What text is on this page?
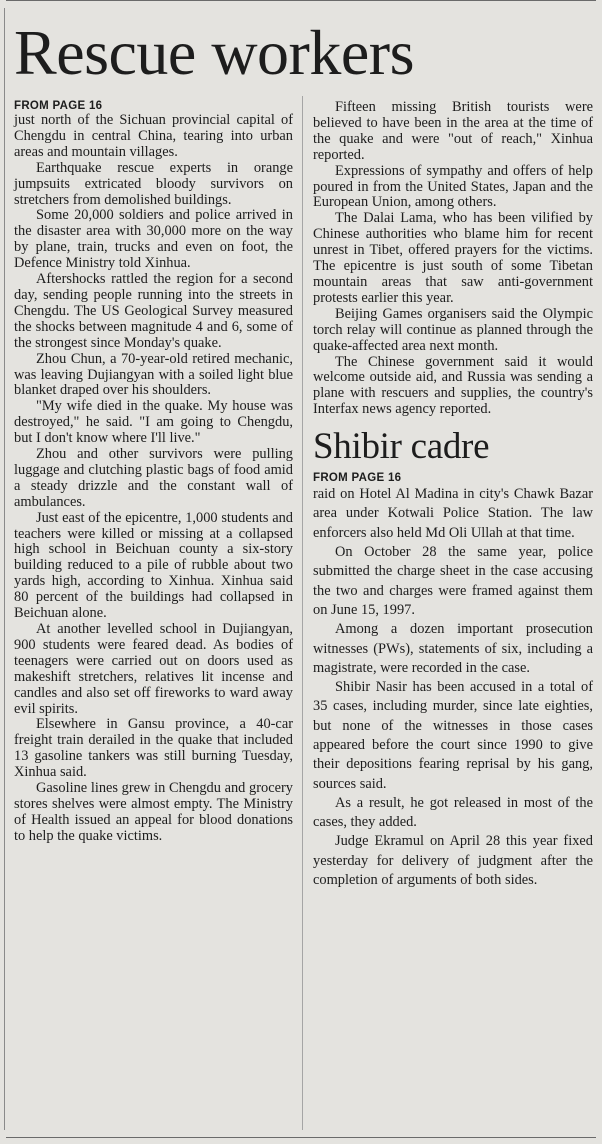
Rescue workers
FROM PAGE 16

just north of the Sichuan provincial capital of Chengdu in central China, tearing into urban areas and mountain villages.

Earthquake rescue experts in orange jumpsuits extricated bloody survivors on stretchers from demolished buildings.

Some 20,000 soldiers and police arrived in the disaster area with 30,000 more on the way by plane, train, trucks and even on foot, the Defence Ministry told Xinhua.

Aftershocks rattled the region for a second day, sending people running into the streets in Chengdu. The US Geological Survey measured the shocks between magnitude 4 and 6, some of the strongest since Monday's quake.

Zhou Chun, a 70-year-old retired mechanic, was leaving Dujiangyan with a soiled light blue blanket draped over his shoulders.

"My wife died in the quake. My house was destroyed," he said. "I am going to Chengdu, but I don't know where I'll live."

Zhou and other survivors were pulling luggage and clutching plastic bags of food amid a steady drizzle and the constant wall of ambulances.

Just east of the epicentre, 1,000 students and teachers were killed or missing at a collapsed high school in Beichuan county a six-story building reduced to a pile of rubble about two yards high, according to Xinhua. Xinhua said 80 percent of the buildings had collapsed in Beichuan alone.

At another levelled school in Dujiangyan, 900 students were feared dead. As bodies of teenagers were carried out on doors used as makeshift stretchers, relatives lit incense and candles and also set off fireworks to ward away evil spirits.

Elsewhere in Gansu province, a 40-car freight train derailed in the quake that included 13 gasoline tankers was still burning Tuesday, Xinhua said.

Gasoline lines grew in Chengdu and grocery stores shelves were almost empty. The Ministry of Health issued an appeal for blood donations to help the quake victims.

Fifteen missing British tourists were believed to have been in the area at the time of the quake and were "out of reach," Xinhua reported.

Expressions of sympathy and offers of help poured in from the United States, Japan and the European Union, among others.

The Dalai Lama, who has been vilified by Chinese authorities who blame him for recent unrest in Tibet, offered prayers for the victims. The epicentre is just south of some Tibetan mountain areas that saw anti-government protests earlier this year.

Beijing Games organisers said the Olympic torch relay will continue as planned through the quake-affected area next month.

The Chinese government said it would welcome outside aid, and Russia was sending a plane with rescuers and supplies, the country's Interfax news agency reported.

Shibir cadre
FROM PAGE 16

raid on Hotel Al Madina in city's Chawk Bazar area under Kotwali Police Station. The law enforcers also held Md Oli Ullah at that time.

On October 28 the same year, police submitted the charge sheet in the case accusing the two and charges were framed against them on June 15, 1997.

Among a dozen important prosecution witnesses (PWs), statements of six, including a magistrate, were recorded in the case.

Shibir Nasir has been accused in a total of 35 cases, including murder, since late eighties, but none of the witnesses in those cases appeared before the court since 1990 to give their depositions fearing reprisal by his gang, sources said.

As a result, he got released in most of the cases, they added.

Judge Ekramul on April 28 this year fixed yesterday for delivery of judgment after the completion of arguments of both sides.
